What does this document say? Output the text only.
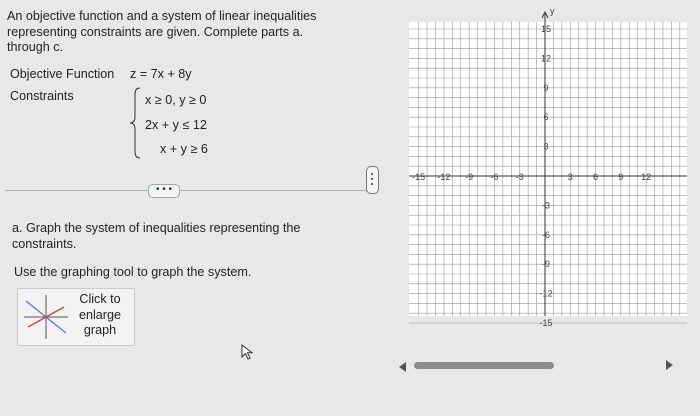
An objective function and a system of linear inequalities
representing constraints are given. Complete parts a.
through c.
Objective Function z = 7x + 8y
Constraints	x ≥ 0, y ≥ 0
2x + y ≤ 12
x + y ≥ 6
• • •
a. Graph the system of inequalities representing the
constraints.
Use the graphing tool to graph the system.
Click to
enlarge
graph
y
-15 -12 -9 -6 -3	3 6 9 12
15
12
9
6
3
-3
-6
-9
-12
-15
